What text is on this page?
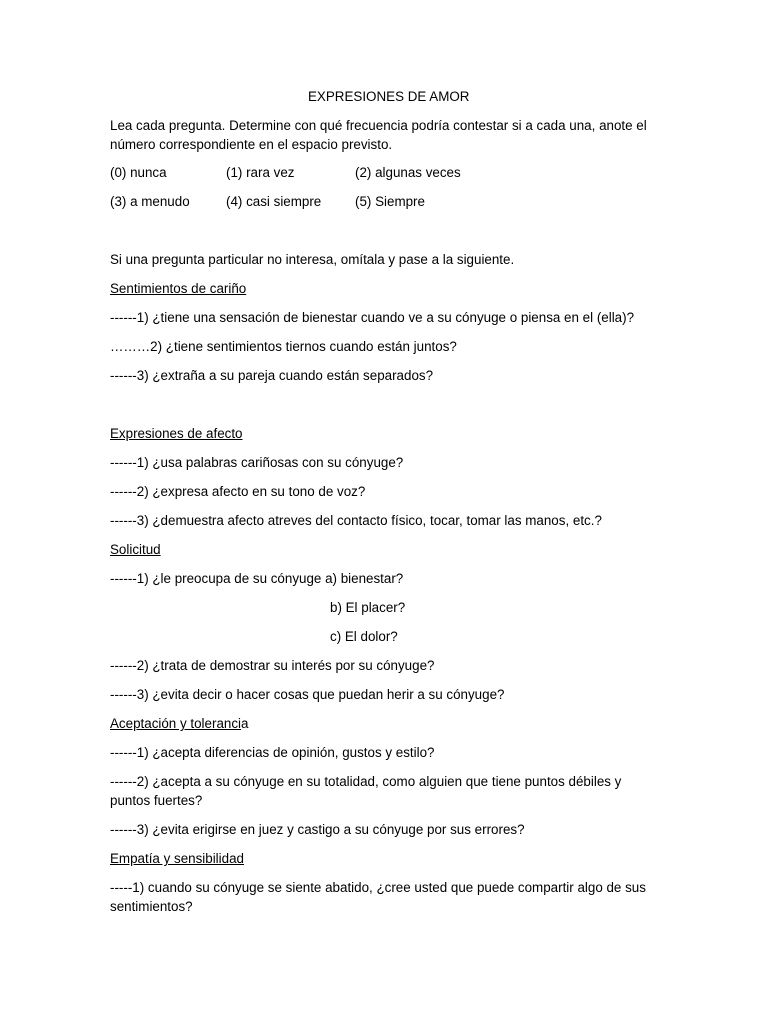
EXPRESIONES DE AMOR
Lea cada pregunta. Determine con qué frecuencia podría contestar si a cada una, anote el número correspondiente en el espacio previsto.
(0) nunca	(1) rara vez	(2) algunas veces
(3) a menudo	(4) casi siempre	(5) Siempre
Si una pregunta particular no interesa, omítala y pase a la siguiente.
Sentimientos de cariño
------1) ¿tiene una sensación de bienestar cuando ve a su cónyuge o piensa en el (ella)?
………2) ¿tiene sentimientos tiernos cuando están juntos?
------3) ¿extraña a su pareja cuando están separados?
Expresiones de afecto
------1) ¿usa palabras cariñosas con su cónyuge?
------2) ¿expresa afecto en su tono de voz?
------3) ¿demuestra afecto atreves del contacto físico, tocar, tomar las manos, etc.?
Solicitud
------1) ¿le preocupa de su cónyuge a) bienestar?
b) El placer?
c) El dolor?
------2) ¿trata de demostrar su interés por su cónyuge?
------3) ¿evita decir o hacer cosas que puedan herir a su cónyuge?
Aceptación y tolerancia
------1) ¿acepta diferencias de opinión, gustos y estilo?
------2) ¿acepta a su cónyuge en su totalidad, como alguien que tiene puntos débiles y puntos fuertes?
------3) ¿evita erigirse en juez y castigo a su cónyuge por sus errores?
Empatía y sensibilidad
-----1) cuando su cónyuge se siente abatido, ¿cree usted que puede compartir algo de sus sentimientos?
